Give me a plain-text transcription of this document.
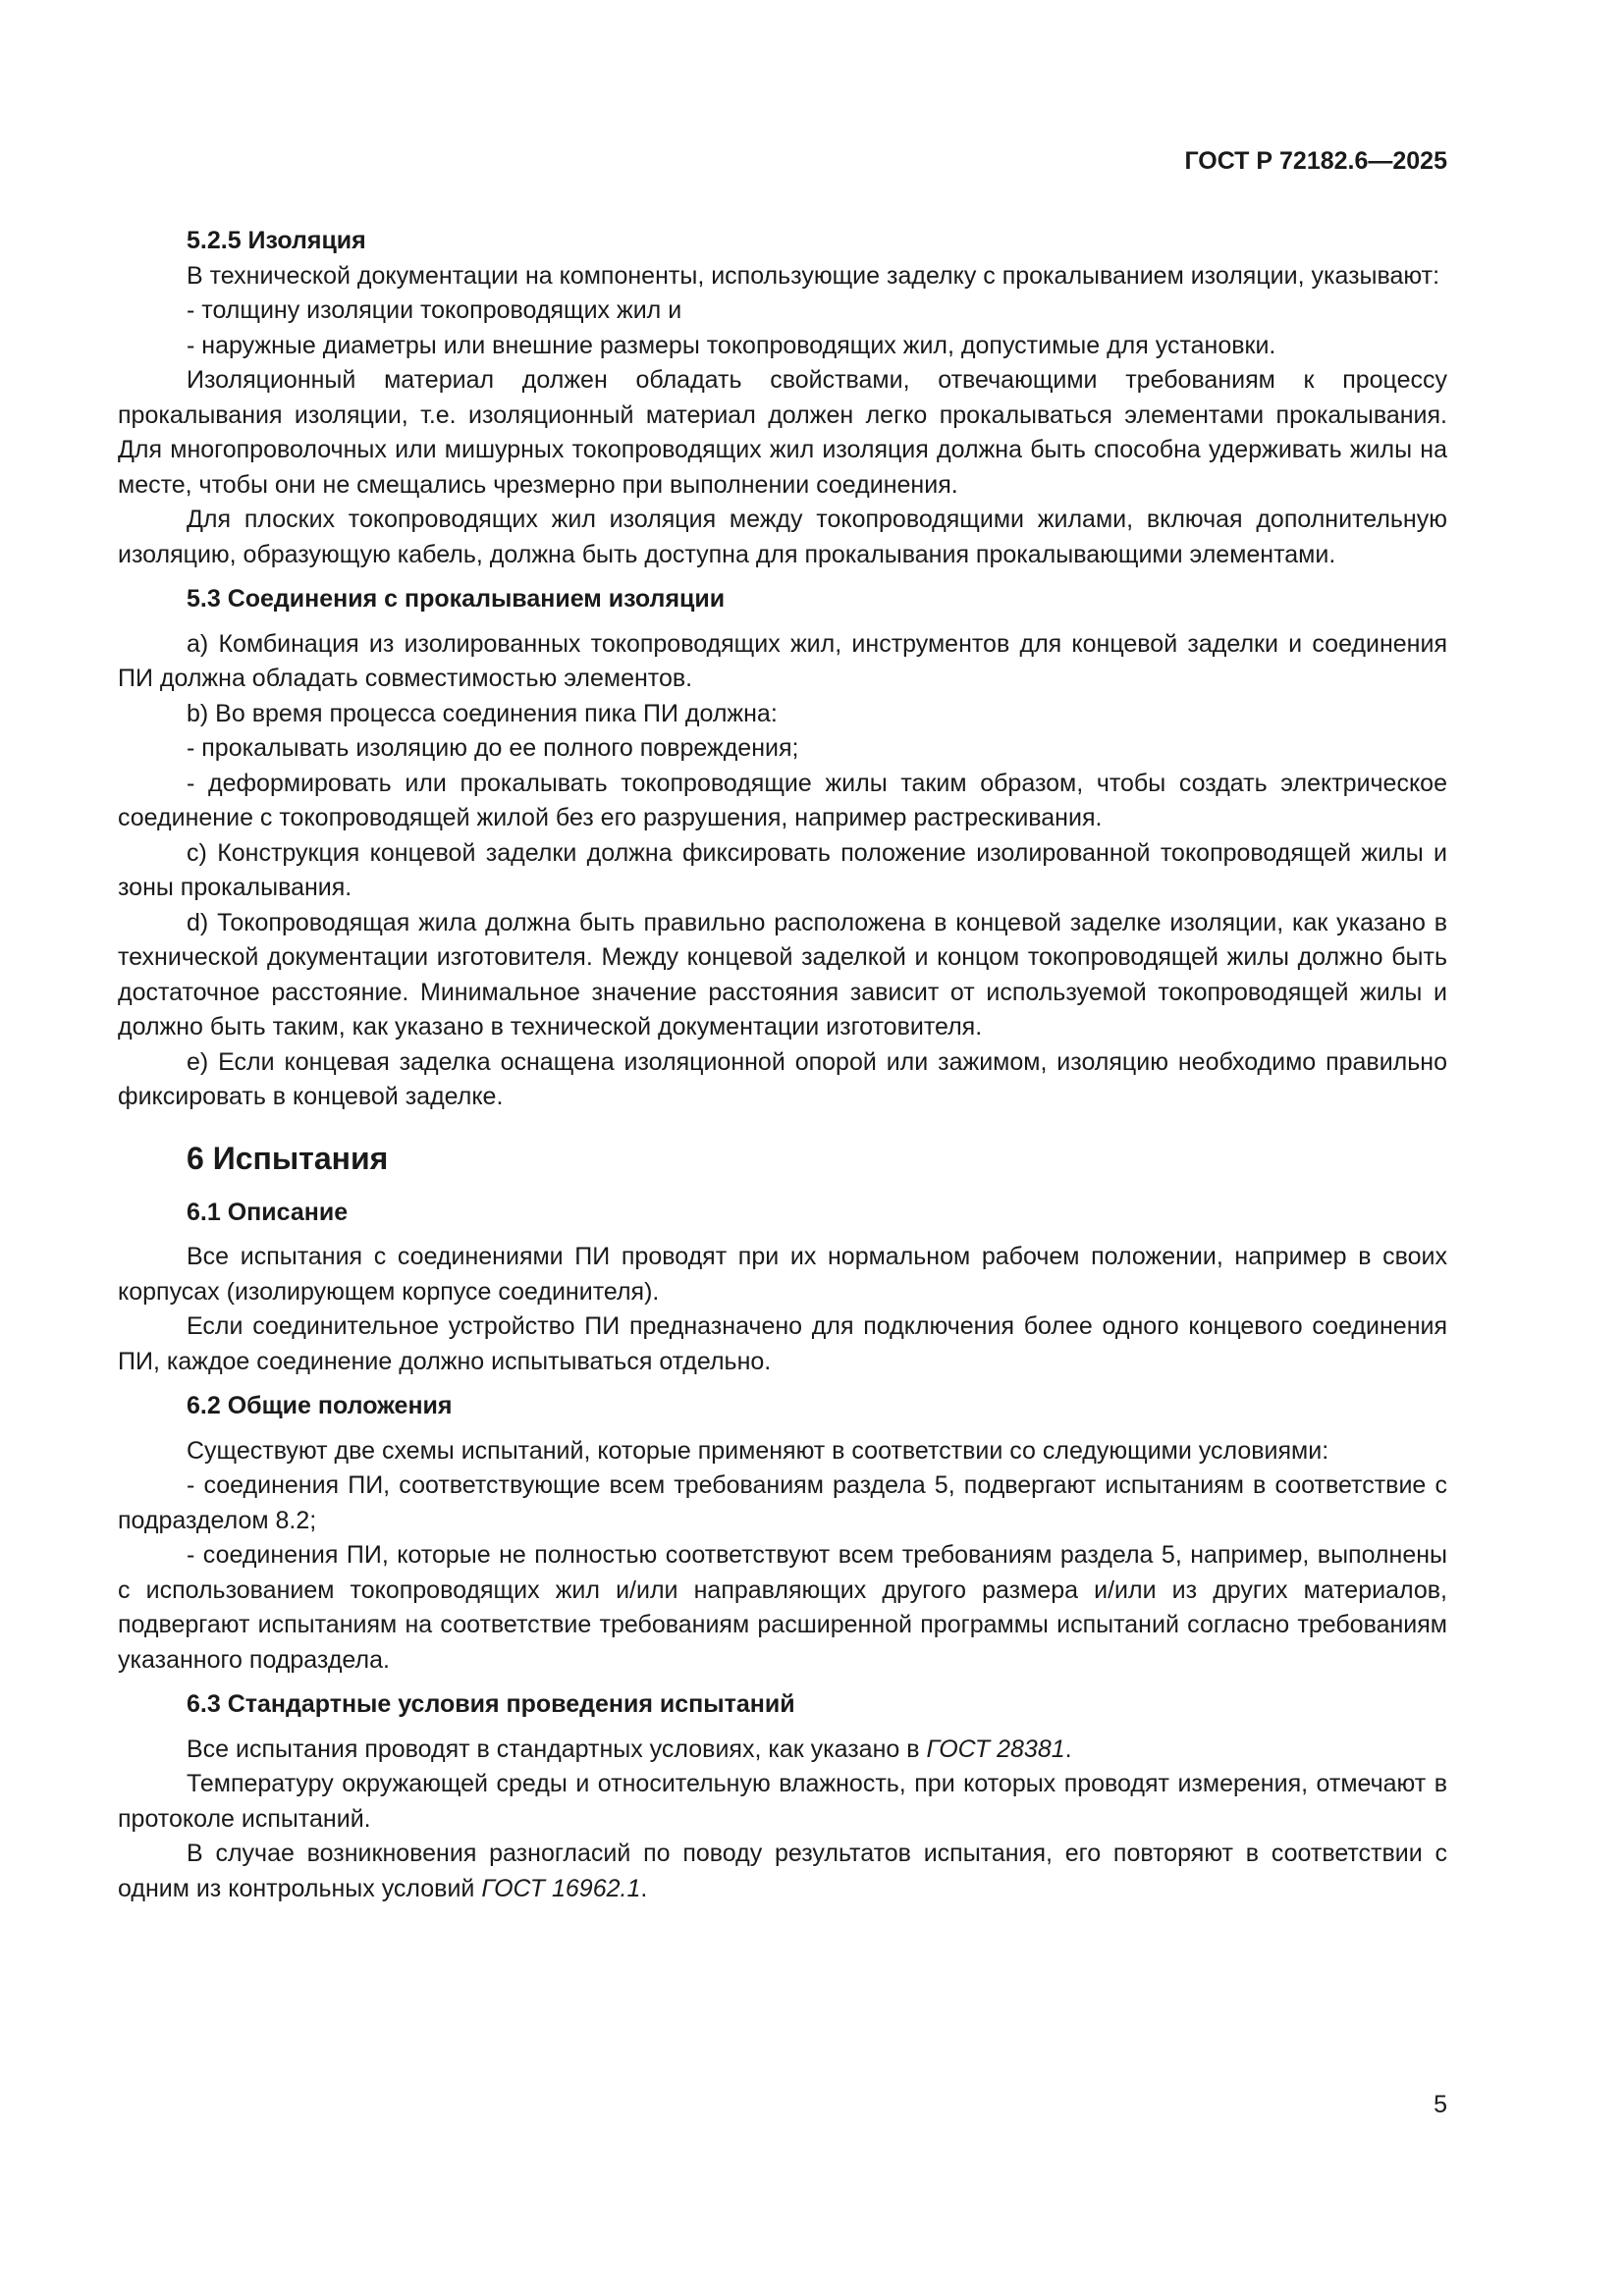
ГОСТ Р 72182.6—2025

5.2.5 Изоляция

В технической документации на компоненты, использующие заделку с прокалыванием изоляции, указывают:

- толщину изоляции токопроводящих жил и

- наружные диаметры или внешние размеры токопроводящих жил, допустимые для установки.

Изоляционный материал должен обладать свойствами, отвечающими требованиям к процессу прокалывания изоляции, т.е. изоляционный материал должен легко прокалываться элементами прокалывания. Для многопроволочных или мишурных токопроводящих жил изоляция должна быть способна удерживать жилы на месте, чтобы они не смещались чрезмерно при выполнении соединения.

Для плоских токопроводящих жил изоляция между токопроводящими жилами, включая дополнительную изоляцию, образующую кабель, должна быть доступна для прокалывания прокалывающими элементами.

5.3 Соединения с прокалыванием изоляции

a) Комбинация из изолированных токопроводящих жил, инструментов для концевой заделки и соединения ПИ должна обладать совместимостью элементов.

b) Во время процесса соединения пика ПИ должна:

- прокалывать изоляцию до ее полного повреждения;

- деформировать или прокалывать токопроводящие жилы таким образом, чтобы создать электрическое соединение с токопроводящей жилой без его разрушения, например растрескивания.

c) Конструкция концевой заделки должна фиксировать положение изолированной токопроводящей жилы и зоны прокалывания.

d) Токопроводящая жила должна быть правильно расположена в концевой заделке изоляции, как указано в технической документации изготовителя. Между концевой заделкой и концом токопроводящей жилы должно быть достаточное расстояние. Минимальное значение расстояния зависит от используемой токопроводящей жилы и должно быть таким, как указано в технической документации изготовителя.

e) Если концевая заделка оснащена изоляционной опорой или зажимом, изоляцию необходимо правильно фиксировать в концевой заделке.

6 Испытания

6.1 Описание

Все испытания с соединениями ПИ проводят при их нормальном рабочем положении, например в своих корпусах (изолирующем корпусе соединителя).

Если соединительное устройство ПИ предназначено для подключения более одного концевого соединения ПИ, каждое соединение должно испытываться отдельно.

6.2 Общие положения

Существуют две схемы испытаний, которые применяют в соответствии со следующими условиями:

- соединения ПИ, соответствующие всем требованиям раздела 5, подвергают испытаниям в соответствие с подразделом 8.2;

- соединения ПИ, которые не полностью соответствуют всем требованиям раздела 5, например, выполнены с использованием токопроводящих жил и/или направляющих другого размера и/или из других материалов, подвергают испытаниям на соответствие требованиям расширенной программы испытаний согласно требованиям указанного подраздела.

6.3 Стандартные условия проведения испытаний

Все испытания проводят в стандартных условиях, как указано в ГОСТ 28381.

Температуру окружающей среды и относительную влажность, при которых проводят измерения, отмечают в протоколе испытаний.

В случае возникновения разногласий по поводу результатов испытания, его повторяют в соответствии с одним из контрольных условий ГОСТ 16962.1.

5
